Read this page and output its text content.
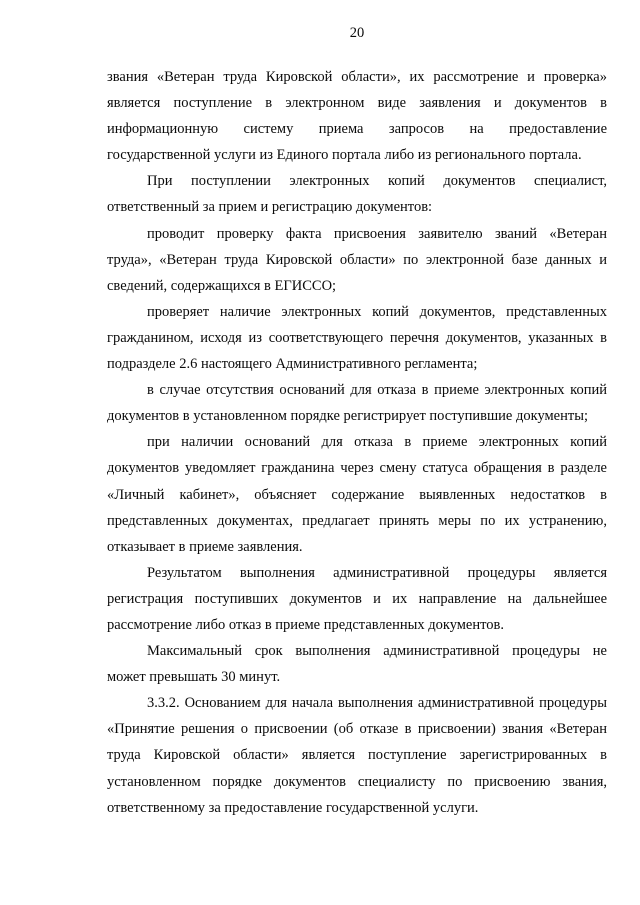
20
звания «Ветеран труда Кировской области», их рассмотрение и проверка»
является поступление в электронном виде заявления и документов в
информационную систему приема запросов на предоставление
государственной услуги из Единого портала либо из регионального портала.
При поступлении электронных копий документов специалист,
ответственный за прием и регистрацию документов:
проводит проверку факта присвоения заявителю званий «Ветеран
труда», «Ветеран труда Кировской области» по электронной базе данных и
сведений, содержащихся в ЕГИССО;
проверяет наличие электронных копий документов, представленных
гражданином, исходя из соответствующего перечня документов, указанных в
подразделе 2.6 настоящего Административного регламента;
в случае отсутствия оснований для отказа в приеме электронных копий
документов в установленном порядке регистрирует поступившие документы;
при наличии оснований для отказа в приеме электронных копий
документов уведомляет гражданина через смену статуса обращения в разделе
«Личный кабинет», объясняет содержание выявленных недостатков в
представленных документах, предлагает принять меры по их устранению,
отказывает в приеме заявления.
Результатом выполнения административной процедуры является
регистрация поступивших документов и их направление на дальнейшее
рассмотрение либо отказ в приеме представленных документов.
Максимальный срок выполнения административной процедуры не
может превышать 30 минут.
3.3.2. Основанием для начала выполнения административной процедуры
«Принятие решения о присвоении (об отказе в присвоении) звания «Ветеран
труда Кировской области» является поступление зарегистрированных в
установленном порядке документов специалисту по присвоению звания,
ответственному за предоставление государственной услуги.
